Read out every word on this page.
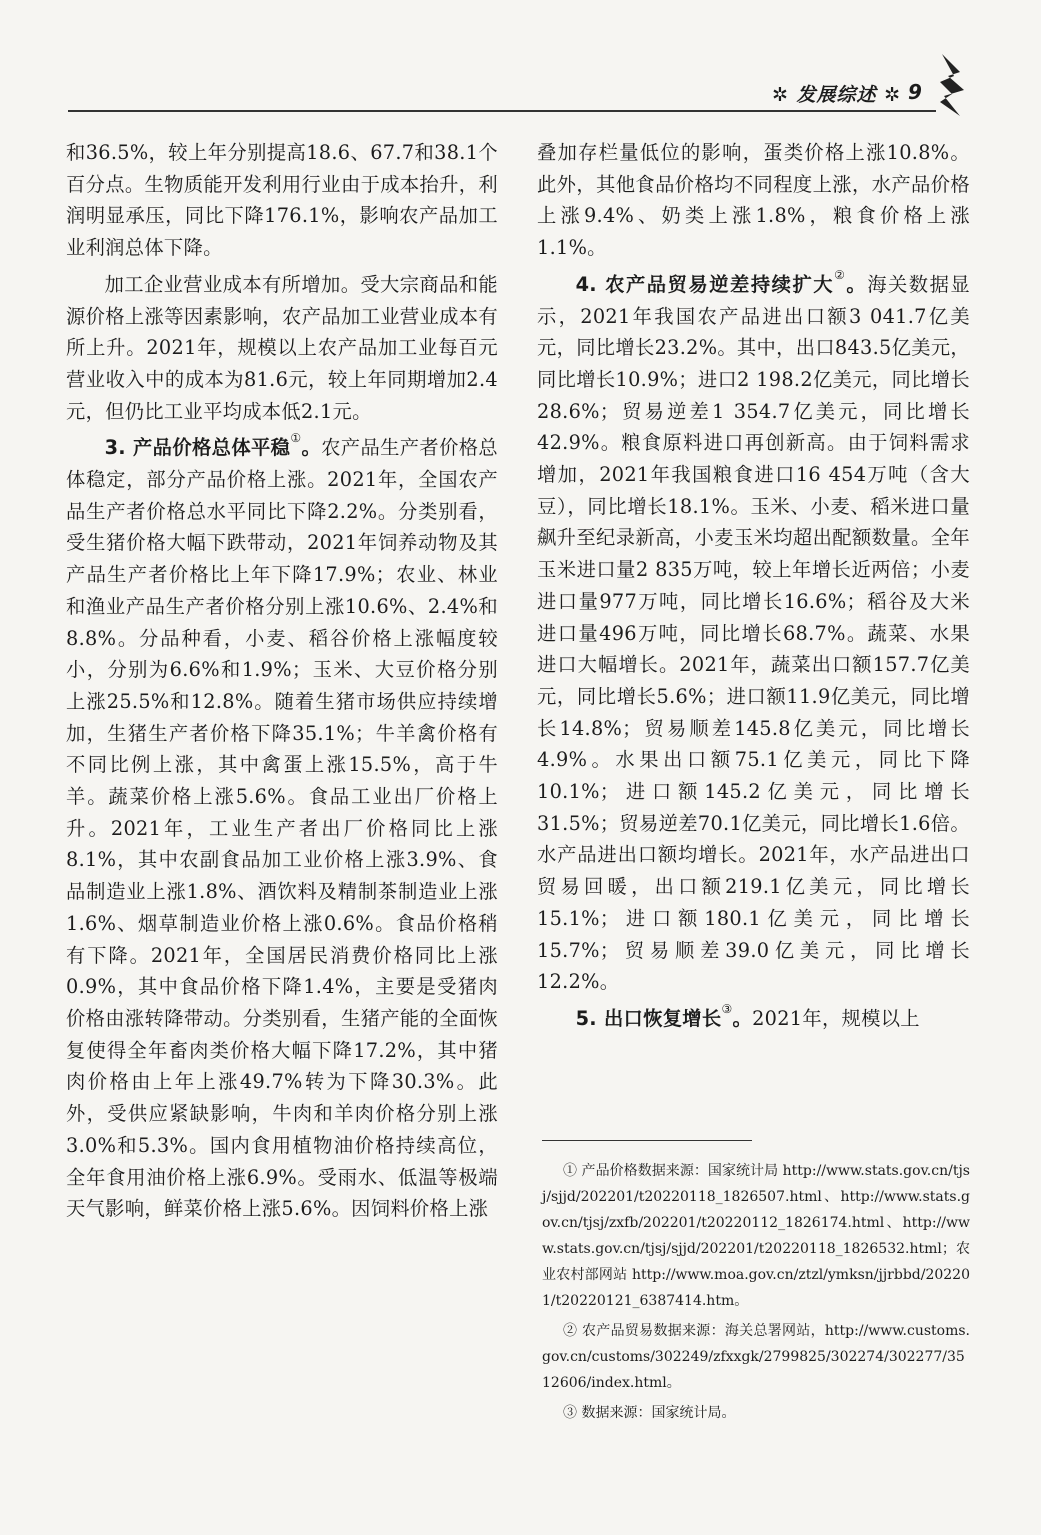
✲ 发展综述 ✲ 9

和36.5%，较上年分别提高18.6、67.7和38.1个百分点。生物质能开发利用行业由于成本抬升，利润明显承压，同比下降176.1%，影响农产品加工业利润总体下降。

加工企业营业成本有所增加。受大宗商品和能源价格上涨等因素影响，农产品加工业营业成本有所上升。2021年，规模以上农产品加工业每百元营业收入中的成本为81.6元，较上年同期增加2.4元，但仍比工业平均成本低2.1元。

3. 产品价格总体平稳①。农产品生产者价格总体稳定，部分产品价格上涨。2021年，全国农产品生产者价格总水平同比下降2.2%。分类别看，受生猪价格大幅下跌带动，2021年饲养动物及其产品生产者价格比上年下降17.9%；农业、林业和渔业产品生产者价格分别上涨10.6%、2.4%和8.8%。分品种看，小麦、稻谷价格上涨幅度较小，分别为6.6%和1.9%；玉米、大豆价格分别上涨25.5%和12.8%。随着生猪市场供应持续增加，生猪生产者价格下降35.1%；牛羊禽价格有不同比例上涨，其中禽蛋上涨15.5%，高于牛羊。蔬菜价格上涨5.6%。食品工业出厂价格上升。2021年，工业生产者出厂价格同比上涨8.1%，其中农副食品加工业价格上涨3.9%、食品制造业上涨1.8%、酒饮料及精制茶制造业上涨1.6%、烟草制造业价格上涨0.6%。食品价格稍有下降。2021年，全国居民消费价格同比上涨0.9%，其中食品价格下降1.4%，主要是受猪肉价格由涨转降带动。分类别看，生猪产能的全面恢复使得全年畜肉类价格大幅下降17.2%，其中猪肉价格由上年上涨49.7%转为下降30.3%。此外，受供应紧缺影响，牛肉和羊肉价格分别上涨3.0%和5.3%。国内食用植物油价格持续高位，全年食用油价格上涨6.9%。受雨水、低温等极端天气影响，鲜菜价格上涨5.6%。因饲料价格上涨

叠加存栏量低位的影响，蛋类价格上涨10.8%。此外，其他食品价格均不同程度上涨，水产品价格上涨9.4%、奶类上涨1.8%，粮食价格上涨1.1%。

4. 农产品贸易逆差持续扩大②。海关数据显示，2021年我国农产品进出口额3 041.7亿美元，同比增长23.2%。其中，出口843.5亿美元，同比增长10.9%；进口2 198.2亿美元，同比增长28.6%；贸易逆差1 354.7亿美元，同比增长42.9%。粮食原料进口再创新高。由于饲料需求增加，2021年我国粮食进口16 454万吨（含大豆），同比增长18.1%。玉米、小麦、稻米进口量飙升至纪录新高，小麦玉米均超出配额数量。全年玉米进口量2 835万吨，较上年增长近两倍；小麦进口量977万吨，同比增长16.6%；稻谷及大米进口量496万吨，同比增长68.7%。蔬菜、水果进口大幅增长。2021年，蔬菜出口额157.7亿美元，同比增长5.6%；进口额11.9亿美元，同比增长14.8%；贸易顺差145.8亿美元，同比增长4.9%。水果出口额75.1亿美元，同比下降10.1%；进口额145.2亿美元，同比增长31.5%；贸易逆差70.1亿美元，同比增长1.6倍。水产品进出口额均增长。2021年，水产品进出口贸易回暖，出口额219.1亿美元，同比增长15.1%；进口额180.1亿美元，同比增长15.7%；贸易顺差39.0亿美元，同比增长12.2%。

5. 出口恢复增长③。2021年，规模以上

① 产品价格数据来源：国家统计局 http://www.stats.gov.cn/tjsj/sjjd/202201/t20220118_1826507.html、http://www.stats.gov.cn/tjsj/zxfb/202201/t20220112_1826174.html、http://www.stats.gov.cn/tjsj/sjjd/202201/t20220118_1826532.html；农业农村部网站 http://www.moa.gov.cn/ztzl/ymksn/jjrbbd/202201/t20220121_6387414.htm。

② 农产品贸易数据来源：海关总署网站，http://www.customs.gov.cn/customs/302249/zfxxgk/2799825/302274/302277/3512606/index.html。

③ 数据来源：国家统计局。
